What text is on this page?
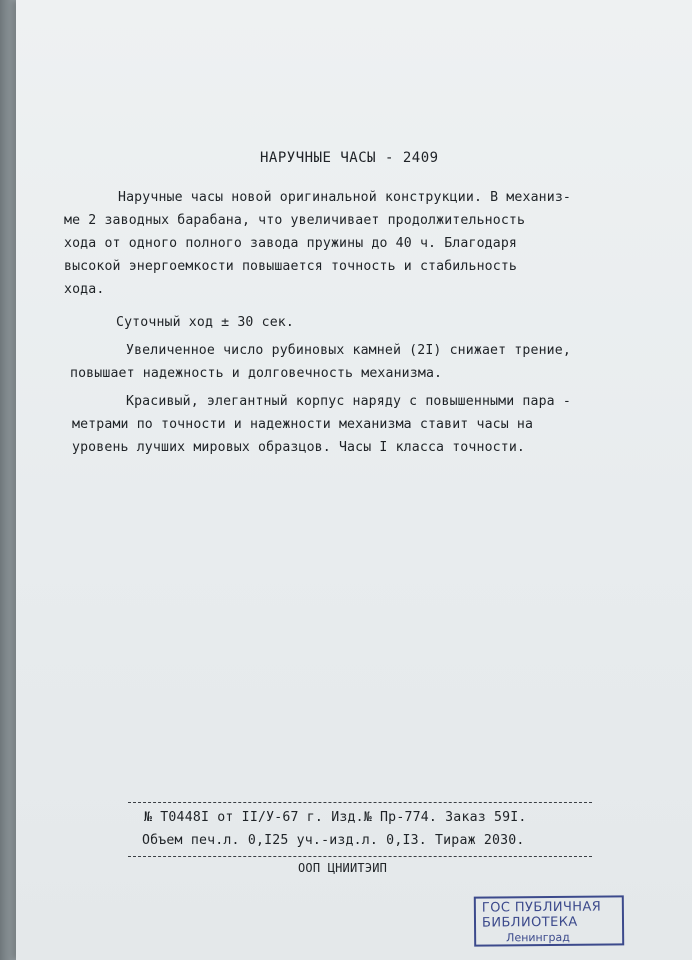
НАРУЧНЫЕ ЧАСЫ - 2409
Наручные часы новой оригинальной конструкции. В механиз-
ме 2 заводных барабана, что увеличивает продолжительность
хода от одного полного завода пружины до 40 ч. Благодаря
высокой энергоемкости повышается точность и стабильность
хода.
Суточный ход ± 30 сек.
Увеличенное число рубиновых камней (2I) снижает трение,
повышает надежность и долговечность механизма.
Красивый, элегантный корпус наряду с повышенными пара -
метрами по точности и надежности механизма ставит часы на
уровень лучших мировых образцов. Часы I класса точности.
№ Т0448I от II/У-67 г. Изд.№ Пр-774. Заказ 59I.
Объем печ.л. 0,I25 уч.-изд.л. 0,I3. Тираж 2030.
ООП ЦНИИТЭИП
ГОС ПУБЛИЧНАЯ
БИБЛИОТЕКА
Ленинград
